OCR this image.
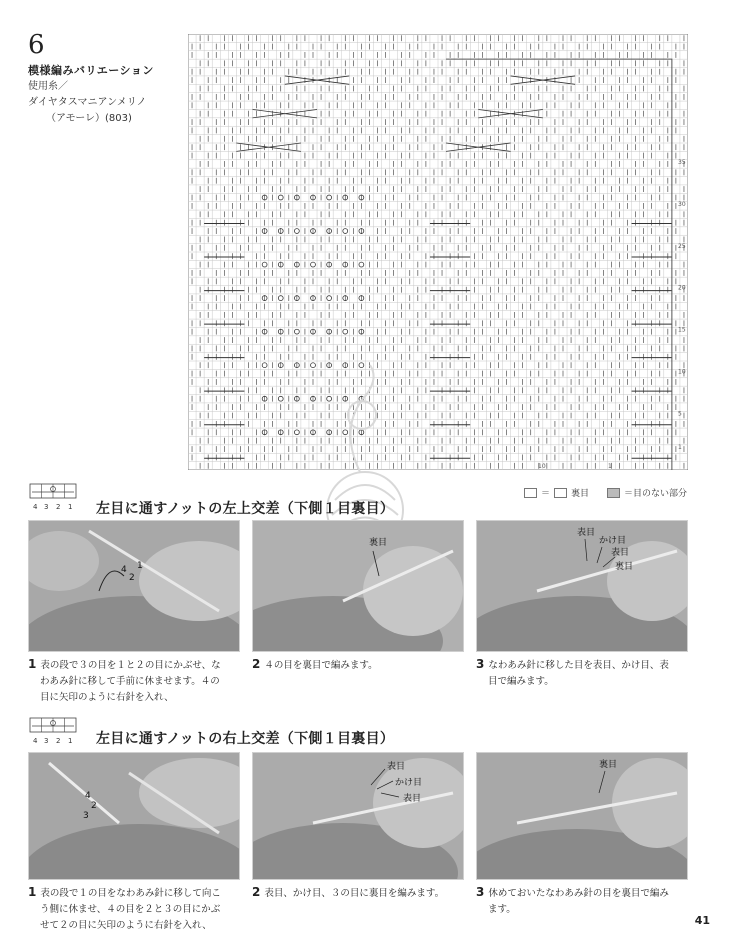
6
模様編みバリエーション
使用糸／
ダイヤタスマニアンメリノ
（アモーレ）(803)
35
30
25
20
15
10
5
1
10	1
＝ 裏目	＝目のない部分
4 3 2 1 左目に通すノットの左上交差（下側１目裏目）
4 1
2
裏目
表目
かけ目
表目
裏目
1 表の段で３の目を１と２の目にかぶせ、な
わあみ針に移して手前に休ませます。４の
目に矢印のように右針を入れ、
2 ４の目を裏目で編みます。	3 なわあみ針に移した目を表目、かけ目、表
目で編みます。
4 3 2 1 左目に通すノットの右上交差（下側１目裏目）
4
2
3
表目
かけ目
表目
裏目
1 表の段で１の目をなわあみ針に移して向こ
う側に休ませ、４の目を２と３の目にかぶ
せて２の目に矢印のように右針を入れ、
2 表目、かけ目、３の目に裏目を編みます。	3 休めておいたなわあみ針の目を裏目で編み
ます。
41
